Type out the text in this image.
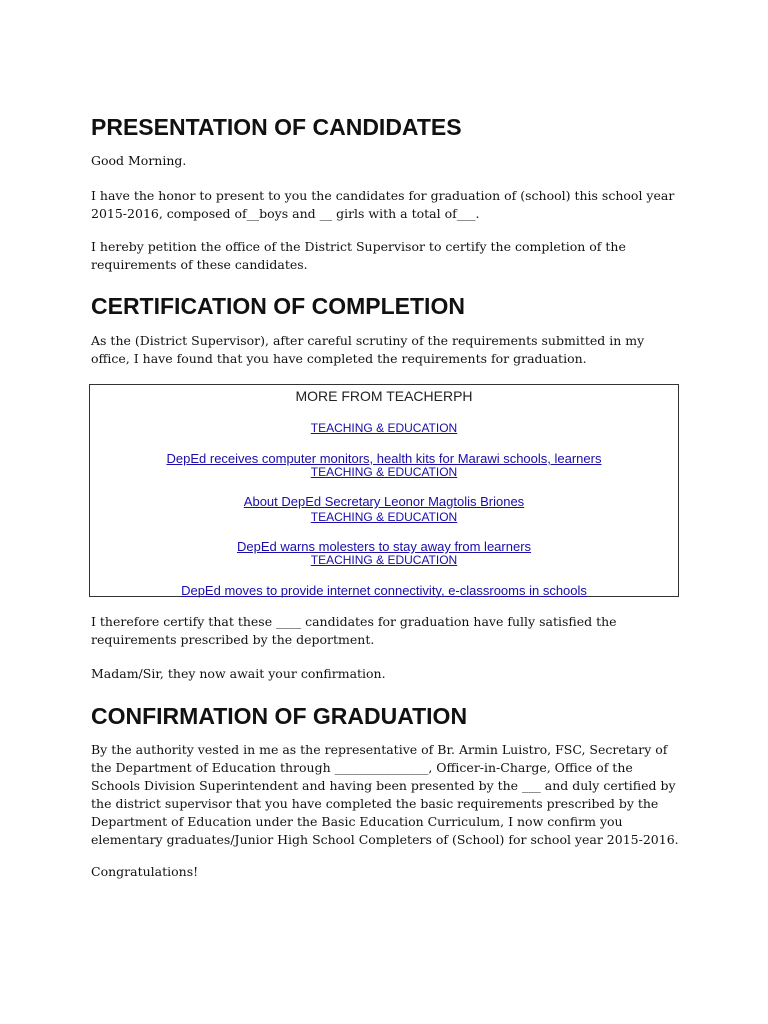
PRESENTATION OF CANDIDATES

Good Morning.

I have the honor to present to you the candidates for graduation of (school) this school year 2015-2016, composed of__boys and __ girls with a total of___.

I hereby petition the office of the District Supervisor to certify the completion of the requirements of these candidates.

CERTIFICATION OF COMPLETION

As the (District Supervisor), after careful scrutiny of the requirements submitted in my office, I have found that you have completed the requirements for graduation.

I therefore certify that these ____ candidates for graduation have fully satisfied the requirements prescribed by the deportment.

Madam/Sir, they now await your confirmation.

CONFIRMATION OF GRADUATION

By the authority vested in me as the representative of Br. Armin Luistro, FSC, Secretary of the Department of Education through _______________, Officer-in-Charge, Office of the Schools Division Superintendent and having been presented by the ___ and duly certified by the district supervisor that you have completed the basic requirements prescribed by the Department of Education under the Basic Education Curriculum, I now confirm you elementary graduates/Junior High School Completers of (School) for school year 2015-2016.

Congratulations!

MORE FROM TEACHERPH
TEACHING & EDUCATION
DepEd receives computer monitors, health kits for Marawi schools, learners
TEACHING & EDUCATION
About DepEd Secretary Leonor Magtolis Briones
TEACHING & EDUCATION
DepEd warns molesters to stay away from learners
TEACHING & EDUCATION
DepEd moves to provide internet connectivity, e-classrooms in schools
